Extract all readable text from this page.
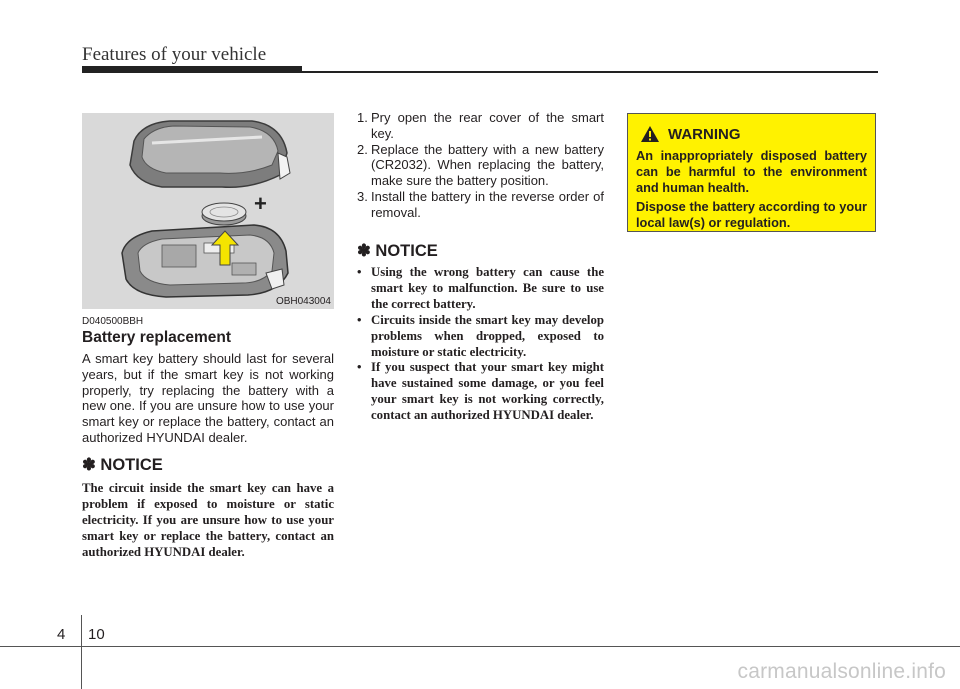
Features of your vehicle
+
OBH043004
D040500BBH
Battery replacement
A smart key battery should last for several years, but if the smart key is not working properly, try replacing the battery with a new one. If you are unsure how to use your smart key or replace the battery, contact an authorized HYUNDAI dealer.
✽ NOTICE
The circuit inside the smart key can have a problem if exposed to moisture or static electricity. If you are unsure how to use your smart key or replace the battery, contact an authorized HYUNDAI dealer.
1. Pry open the rear cover of the smart key.
2. Replace the battery with a new battery (CR2032). When replacing the battery, make sure the battery position.
3. Install the battery in the reverse order of removal.
✽ NOTICE
• Using the wrong battery can cause the smart key to malfunction. Be sure to use the correct battery.
• Circuits inside the smart key may develop problems when dropped, exposed to moisture or static electricity.
• If you suspect that your smart key might have sustained some damage, or you feel your smart key is not working correctly, contact an authorized HYUNDAI dealer.
WARNING

An inappropriately disposed battery can be harmful to the environment and human health.

Dispose the battery according to your local law(s) or regulation.

4 10
carmanualsonline.info
